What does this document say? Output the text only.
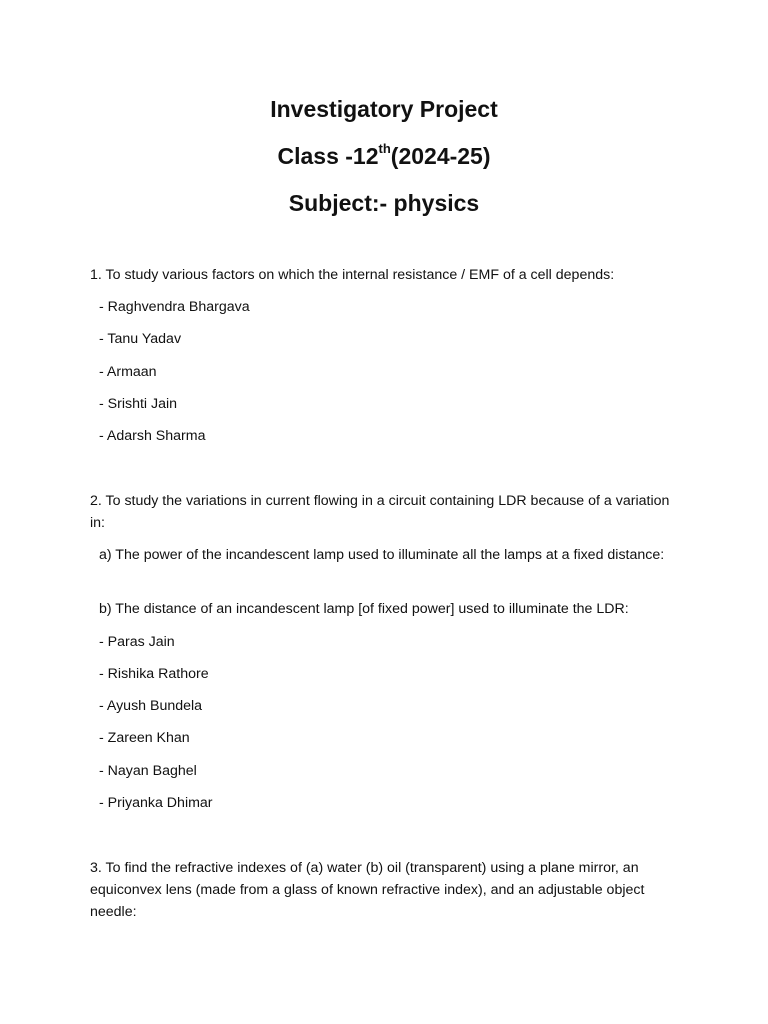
Investigatory Project
Class -12th(2024-25)
Subject:- physics
1. To study various factors on which the internal resistance / EMF of a cell depends:
- Raghvendra Bhargava
- Tanu Yadav
- Armaan
- Srishti Jain
- Adarsh Sharma
2. To study the variations in current flowing in a circuit containing LDR because of a variation in:
a) The power of the incandescent lamp used to illuminate all the lamps at a fixed distance:
b) The distance of an incandescent lamp [of fixed power] used to illuminate the LDR:
- Paras Jain
- Rishika Rathore
- Ayush Bundela
- Zareen Khan
- Nayan Baghel
- Priyanka Dhimar
3. To find the refractive indexes of (a) water (b) oil (transparent) using a plane mirror, an equiconvex lens (made from a glass of known refractive index), and an adjustable object needle:
